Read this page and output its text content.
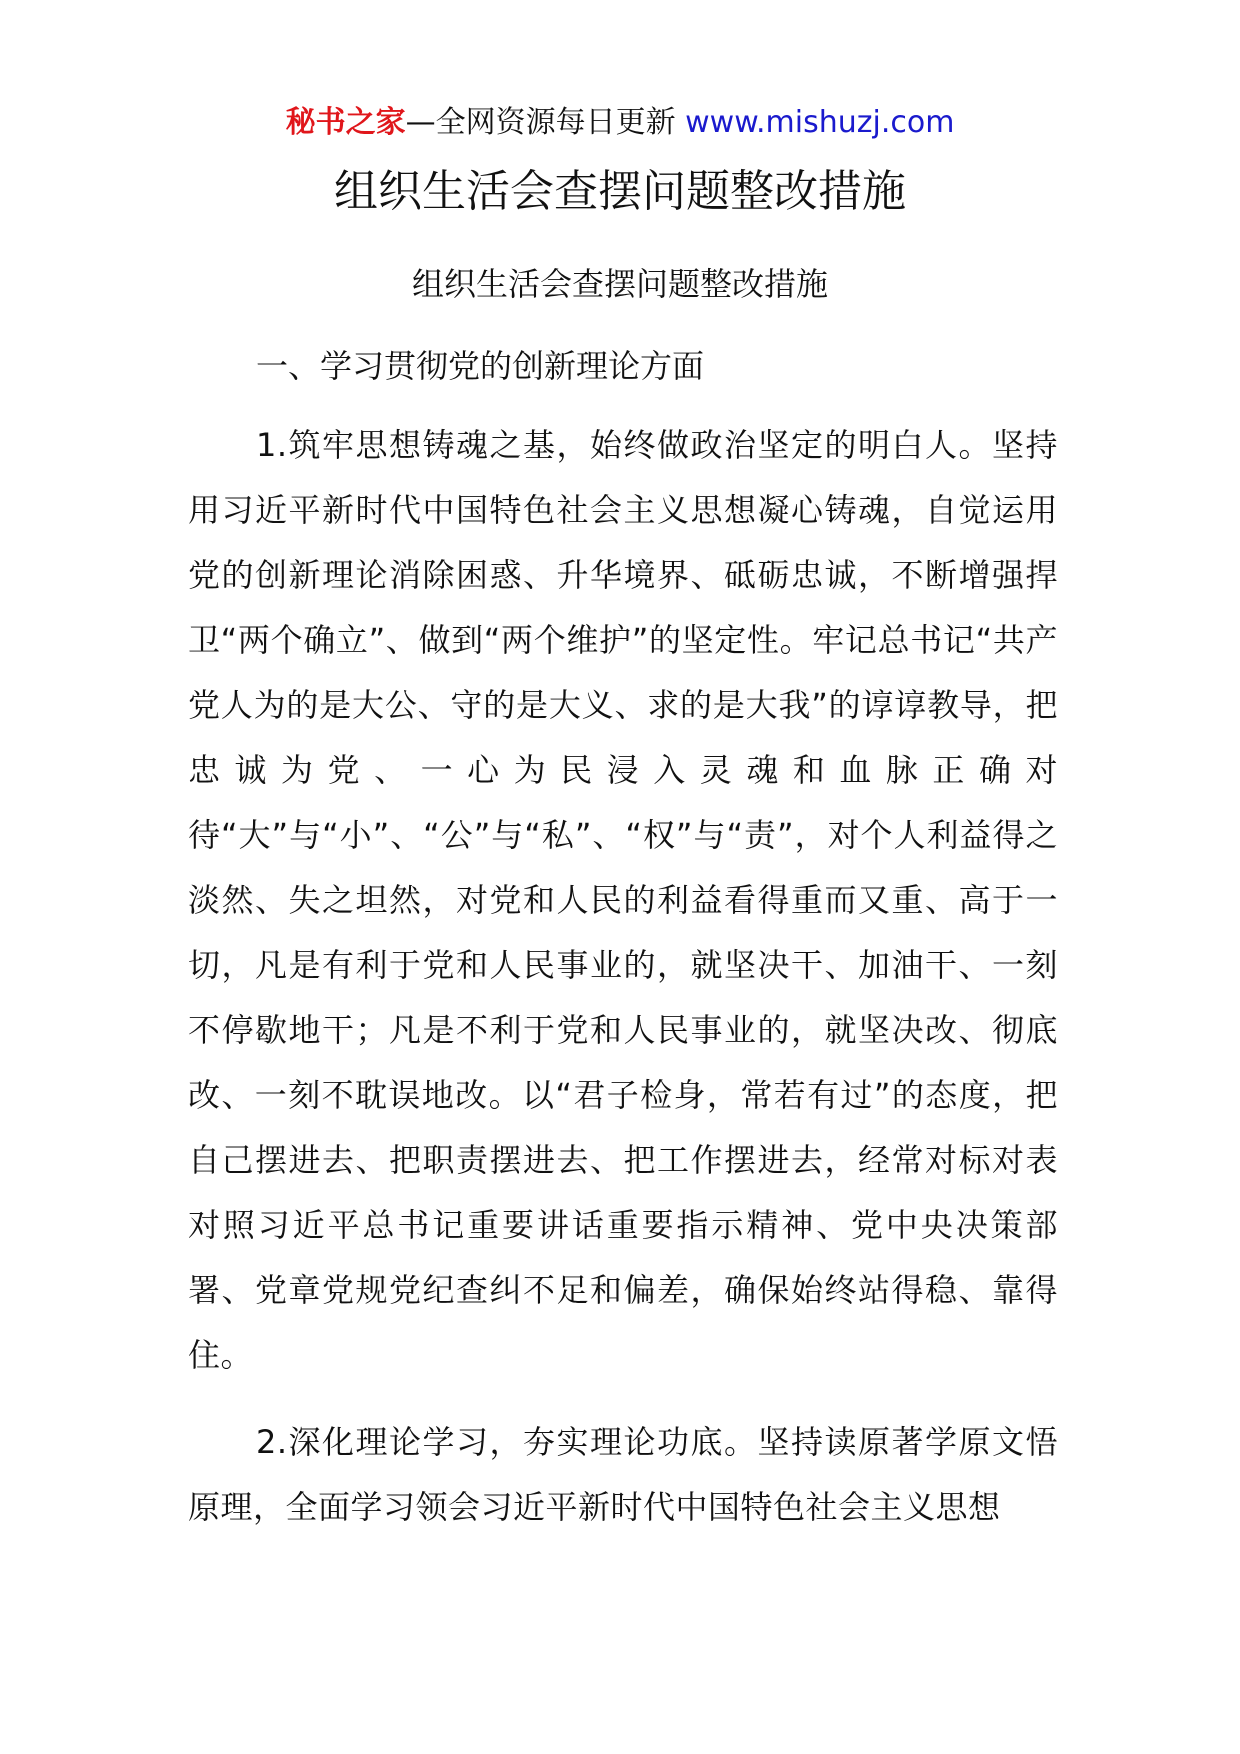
秘书之家—全网资源每日更新 www.mishuzj.com
组织生活会查摆问题整改措施
组织生活会查摆问题整改措施
一、学习贯彻党的创新理论方面

1.筑牢思想铸魂之基，始终做政治坚定的明白人。坚持用习近平新时代中国特色社会主义思想凝心铸魂，自觉运用党的创新理论消除困惑、升华境界、砥砺忠诚，不断增强捍卫“两个确立”、做到“两个维护”的坚定性。牢记总书记“共产党人为的是大公、守的是大义、求的是大我”的谆谆教导，把忠诚为党、一心为民浸入灵魂和血脉正确对待“大”与“小”、“公”与“私”、“权”与“责”，对个人利益得之淡然、失之坦然，对党和人民的利益看得重而又重、高于一切，凡是有利于党和人民事业的，就坚决干、加油干、一刻不停歇地干；凡是不利于党和人民事业的，就坚决改、彻底改、一刻不耽误地改。以“君子检身，常若有过”的态度，把自己摆进去、把职责摆进去、把工作摆进去，经常对标对表对照习近平总书记重要讲话重要指示精神、党中央决策部署、党章党规党纪查纠不足和偏差，确保始终站得稳、靠得住。

2.深化理论学习，夯实理论功底。坚持读原著学原文悟原理，全面学习领会习近平新时代中国特色社会主义思想
